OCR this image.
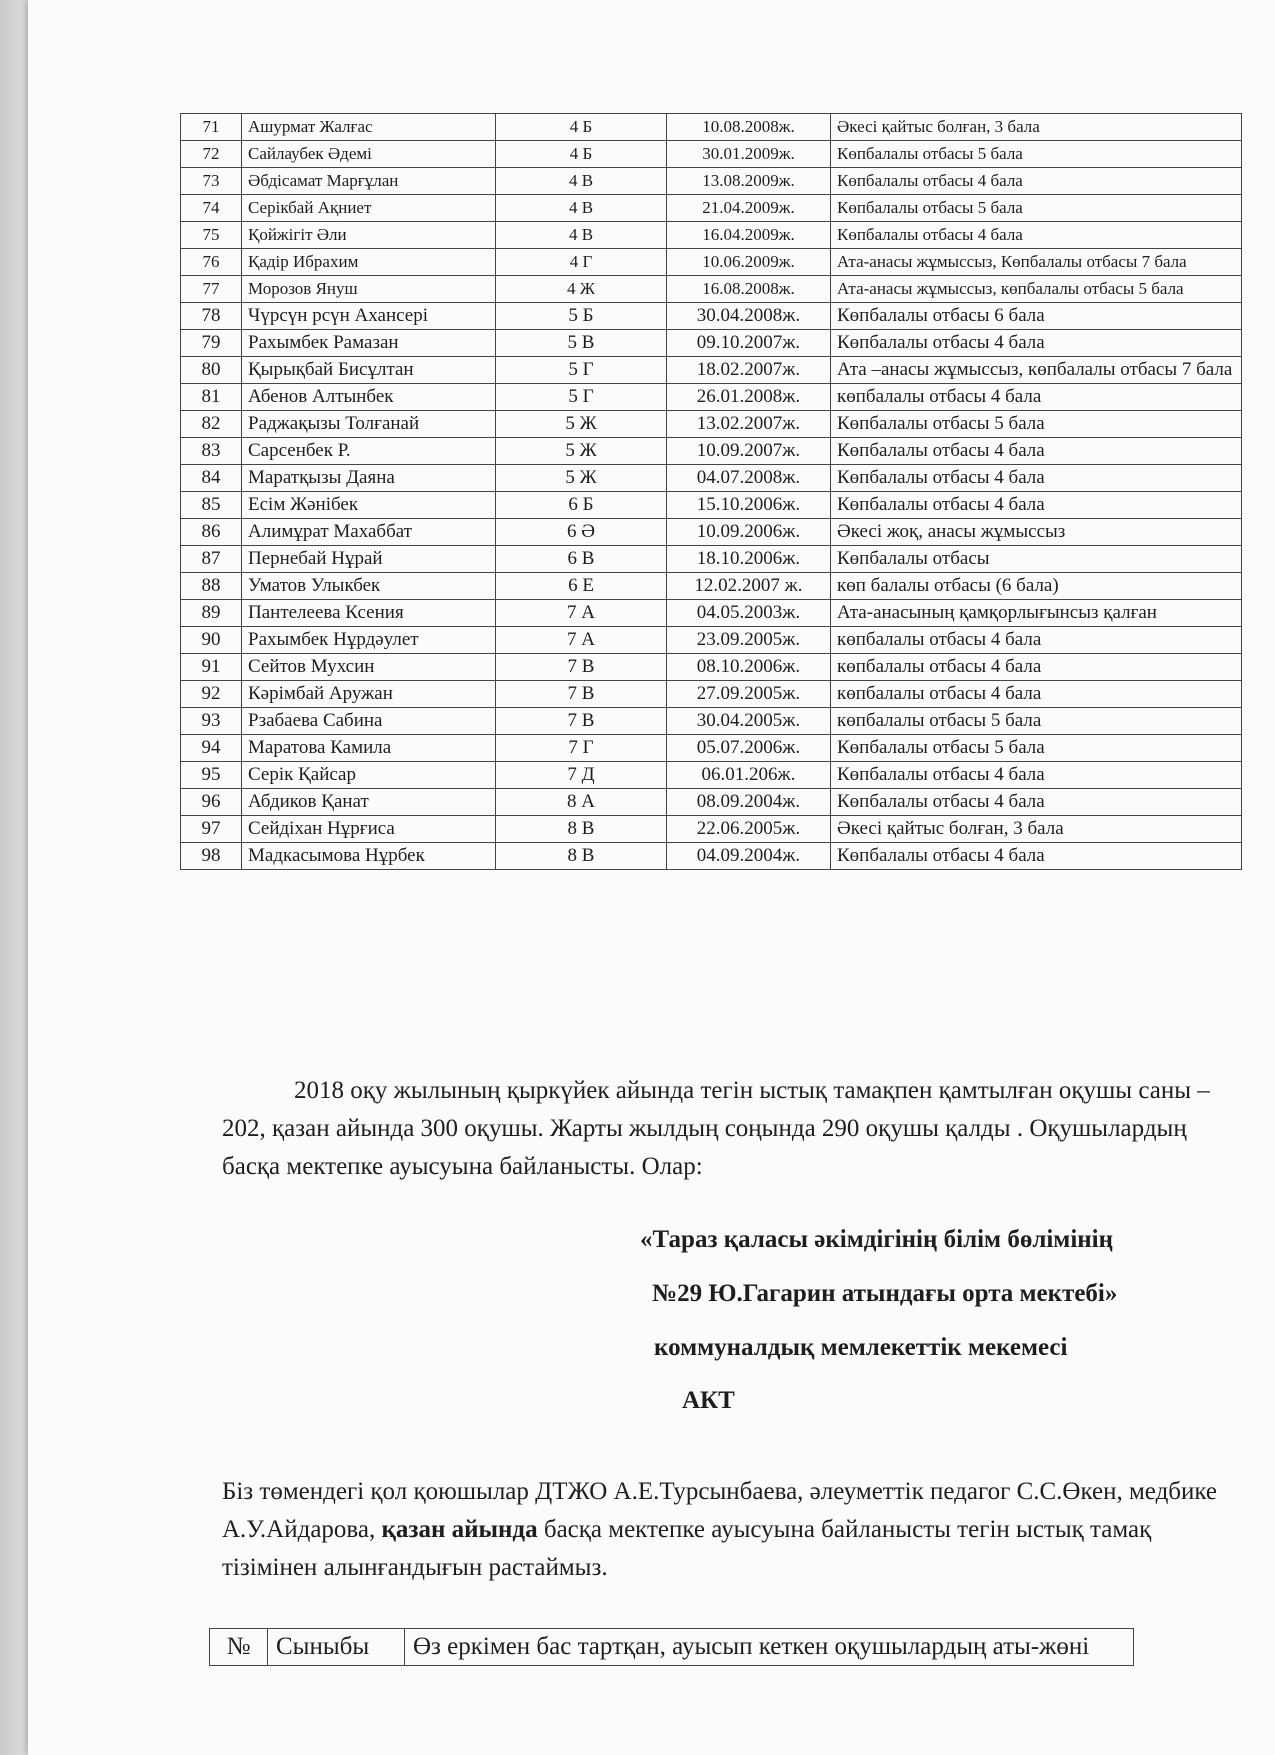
71	Ашурмат Жалғас	4 Б	10.08.2008ж.	Әкесі қайтыс болған, 3 бала
72	Сайлаубек Әдемі	4 Б	30.01.2009ж.	Көпбалалы отбасы 5 бала
73	Әбдісамат Марғұлан	4 В	13.08.2009ж.	Көпбалалы отбасы 4 бала
74	Серікбай Ақниет	4 В	21.04.2009ж.	Көпбалалы отбасы 5 бала
75	Қойжігіт Әли	4 В	16.04.2009ж.	Көпбалалы отбасы 4 бала
76	Қадір Ибрахим	4 Г	10.06.2009ж.	Ата-анасы жұмыссыз, Көпбалалы отбасы 7 бала
77	Морозов Януш	4 Ж	16.08.2008ж.	Ата-анасы жұмыссыз, көпбалалы отбасы 5 бала
78	Чүрсүн рсүн Ахансері	5 Б	30.04.2008ж.	Көпбалалы отбасы 6 бала
79	Рахымбек Рамазан	5 В	09.10.2007ж.	Көпбалалы отбасы 4 бала
80	Қырықбай Бисұлтан	5 Г	18.02.2007ж.	Ата –анасы жұмыссыз, көпбалалы отбасы 7 бала
81	Абенов Алтынбек	5 Г	26.01.2008ж.	көпбалалы отбасы 4 бала
82	Раджақызы Толғанай	5 Ж	13.02.2007ж.	Көпбалалы отбасы 5 бала
83	Сарсенбек Р.	5 Ж	10.09.2007ж.	Көпбалалы отбасы 4 бала
84	Маратқызы Даяна	5 Ж	04.07.2008ж.	Көпбалалы отбасы 4 бала
85	Есім Жәнібек	6 Б	15.10.2006ж.	Көпбалалы отбасы 4 бала
86	Алимұрат Махаббат	6 Ә	10.09.2006ж.	Әкесі жоқ, анасы жұмыссыз
87	Пернебай Нұрай	6 В	18.10.2006ж.	Көпбалалы отбасы
88	Уматов Улыкбек	6 Е	12.02.2007 ж.	көп балалы отбасы (6 бала)
89	Пантелеева Ксения	7 А	04.05.2003ж.	Ата-анасының қамқорлығынсыз қалған
90	Рахымбек Нұрдәулет	7 А	23.09.2005ж.	көпбалалы отбасы 4 бала
91	Сейтов Мухсин	7 В	08.10.2006ж.	көпбалалы отбасы 4 бала
92	Кәрімбай Аружан	7 В	27.09.2005ж.	көпбалалы отбасы 4 бала
93	Рзабаева Сабина	7 В	30.04.2005ж.	көпбалалы отбасы 5 бала
94	Маратова Камила	7 Г	05.07.2006ж.	Көпбалалы отбасы 5 бала
95	Серік Қайсар	7 Д	06.01.206ж.	Көпбалалы отбасы 4 бала
96	Абдиков Қанат	8 А	08.09.2004ж.	Көпбалалы отбасы 4 бала
97	Сейдіхан Нұрғиса	8 В	22.06.2005ж.	Әкесі қайтыс болған, 3 бала
98	Мадкасымова Нұрбек	8 В	04.09.2004ж.	Көпбалалы отбасы 4 бала

2018 оқу жылының қыркүйек айында тегін ыстық тамақпен қамтылған оқушы саны – 202, қазан айында 300 оқушы. Жарты жылдың соңында 290 оқушы қалды . Оқушылардың басқа мектепке ауысуына байланысты. Олар:

«Тараз қаласы әкімдігінің білім бөлімінің

№29 Ю.Гагарин атындағы орта мектебі»

коммуналдық мемлекеттік мекемесі

АКТ

Біз төмендегі қол қоюшылар ДТЖО А.Е.Турсынбаева, әлеуметтік педагог С.С.Өкен, медбике А.У.Айдарова, қазан айында басқа мектепке ауысуына байланысты тегін ыстық тамақ тізімінен алынғандығын растаймыз.

№	Сыныбы	Өз еркімен бас тартқан, ауысып кеткен оқушылардың аты-жөні
